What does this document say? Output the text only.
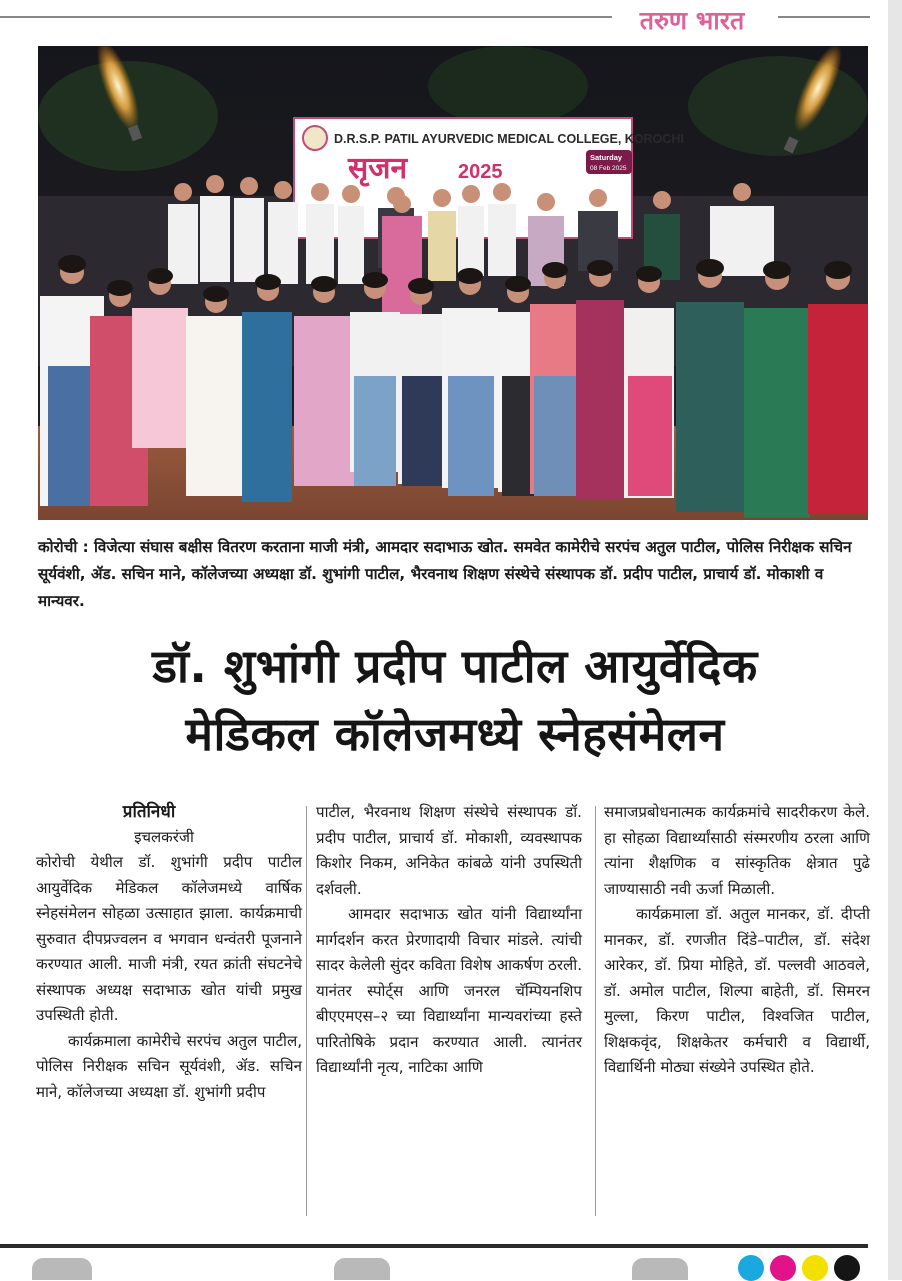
तरुण भारत
D.R.S.P. PATIL AYURVEDIC MEDICAL COLLEGE, KOROCHI
सृजन	2025
Saturday
08 Feb 2025
कोरोची : विजेत्या संघास बक्षीस वितरण करताना माजी मंत्री, आमदार सदाभाऊ खोत. समवेत कामेरीचे सरपंच अतुल पाटील, पोलिस निरीक्षक सचिन सूर्यवंशी, ॲड. सचिन माने, कॉलेजच्या अध्यक्षा डॉ. शुभांगी पाटील, भैरवनाथ शिक्षण संस्थेचे संस्थापक डॉ. प्रदीप पाटील, प्राचार्य डॉ. मोकाशी व मान्यवर.
डॉ. शुभांगी प्रदीप पाटील आयुर्वेदिक
मेडिकल कॉलेजमध्ये स्नेहसंमेलन
प्रतिनिधी
इचलकरंजी

कोरोची येथील डॉ. शुभांगी प्रदीप पाटील आयुर्वेदिक मेडिकल कॉलेजमध्ये वार्षिक स्नेहसंमेलन सोहळा उत्साहात झाला. कार्यक्रमाची सुरुवात दीपप्रज्वलन व भगवान धन्वंतरी पूजनाने करण्यात आली. माजी मंत्री, रयत क्रांती संघटनेचे संस्थापक अध्यक्ष सदाभाऊ खोत यांची प्रमुख उपस्थिती होती.

कार्यक्रमाला कामेरीचे सरपंच अतुल पाटील, पोलिस निरीक्षक सचिन सूर्यवंशी, ॲड. सचिन माने, कॉलेजच्या अध्यक्षा डॉ. शुभांगी प्रदीप

पाटील, भैरवनाथ शिक्षण संस्थेचे संस्थापक डॉ. प्रदीप पाटील, प्राचार्य डॉ. मोकाशी, व्यवस्थापक किशोर निकम, अनिकेत कांबळे यांनी उपस्थिती दर्शवली.

आमदार सदाभाऊ खोत यांनी विद्यार्थ्यांना मार्गदर्शन करत प्रेरणादायी विचार मांडले. त्यांची सादर केलेली सुंदर कविता विशेष आकर्षण ठरली. यानंतर स्पोर्ट्स आणि जनरल चॅम्पियनशिप बीएएमएस–२ च्या विद्यार्थ्यांना मान्यवरांच्या हस्ते पारितोषिके प्रदान करण्यात आली. त्यानंतर विद्यार्थ्यांनी नृत्य, नाटिका आणि

समाजप्रबोधनात्मक कार्यक्रमांचे सादरीकरण केले. हा सोहळा विद्यार्थ्यांसाठी संस्मरणीय ठरला आणि त्यांना शैक्षणिक व सांस्कृतिक क्षेत्रात पुढे जाण्यासाठी नवी ऊर्जा मिळाली.

कार्यक्रमाला डॉ. अतुल मानकर, डॉ. दीप्ती मानकर, डॉ. रणजीत दिंडे–पाटील, डॉ. संदेश आरेकर, डॉ. प्रिया मोहिते, डॉ. पल्लवी आठवले, डॉ. अमोल पाटील, शिल्पा बाहेती, डॉ. सिमरन मुल्ला, किरण पाटील, विश्वजित पाटील, शिक्षकवृंद, शिक्षकेतर कर्मचारी व विद्यार्थी, विद्यार्थिनी मोठ्या संख्येने उपस्थित होते.
